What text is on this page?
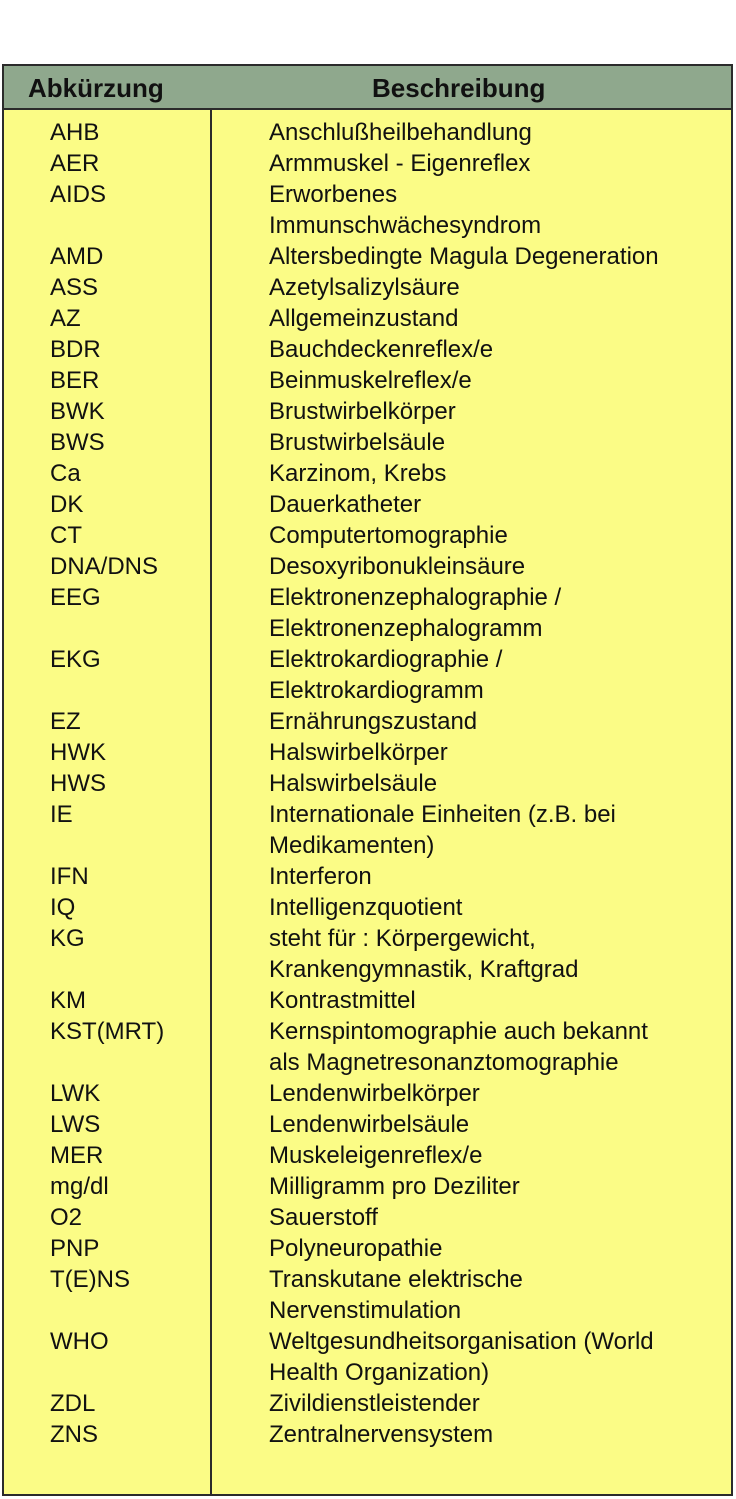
Abkürzung	Beschreibung
AHB	Anschlußheilbehandlung
AER	Armmuskel - Eigenreflex
AIDS	Erworbenes
Immunschwächesyndrom
AMD	Altersbedingte Magula Degeneration
ASS	Azetylsalizylsäure
AZ	Allgemeinzustand
BDR	Bauchdeckenreflex/e
BER	Beinmuskelreflex/e
BWK	Brustwirbelkörper
BWS	Brustwirbelsäule
Ca	Karzinom, Krebs
DK	Dauerkatheter
CT	Computertomographie
DNA/DNS	Desoxyribonukleinsäure
EEG	Elektronenzephalographie /
Elektronenzephalogramm
EKG	Elektrokardiographie /
Elektrokardiogramm
EZ	Ernährungszustand
HWK	Halswirbelkörper
HWS	Halswirbelsäule
IE	Internationale Einheiten (z.B. bei
Medikamenten)
IFN	Interferon
IQ	Intelligenzquotient
KG	steht für : Körpergewicht,
Krankengymnastik, Kraftgrad
KM	Kontrastmittel
KST(MRT)	Kernspintomographie auch bekannt
als Magnetresonanztomographie
LWK	Lendenwirbelkörper
LWS	Lendenwirbelsäule
MER	Muskeleigenreflex/e
mg/dl	Milligramm pro Deziliter
O2	Sauerstoff
PNP	Polyneuropathie
T(E)NS	Transkutane elektrische
Nervenstimulation
WHO	Weltgesundheitsorganisation (World
Health Organization)
ZDL	Zivildienstleistender
ZNS	Zentralnervensystem
